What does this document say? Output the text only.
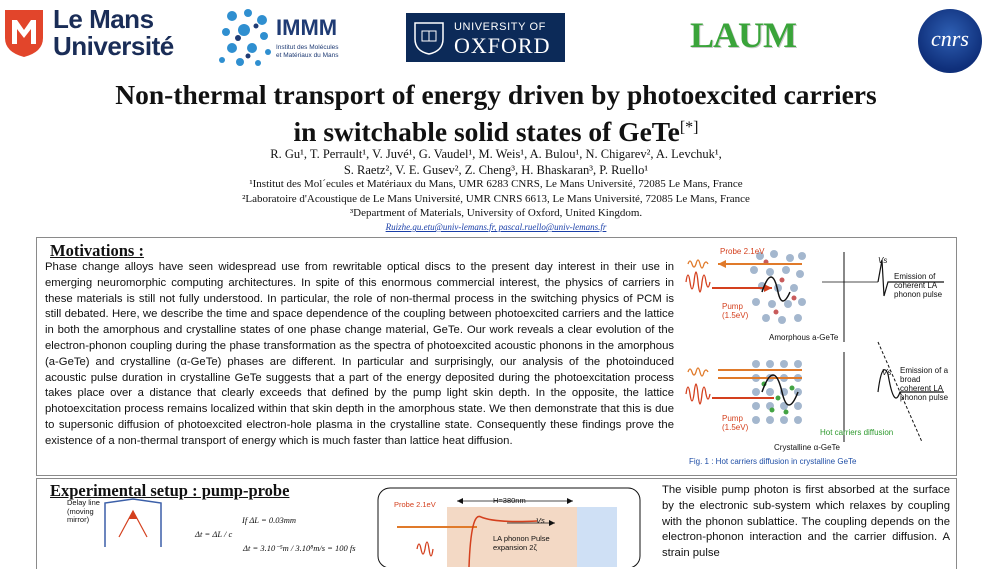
Le Mans
Université
IMMM
Institut des Molécules
et Matériaux du Mans
UNIVERSITY OF
OXFORD	LAUM	cnrs
Non-thermal transport of energy driven by photoexcited carriers
in switchable solid states of GeTe[*]
R. Gu¹, T. Perrault¹, V. Juvé¹, G. Vaudel¹, M. Weis¹, A. Bulou¹, N. Chigarev², A. Levchuk¹,
S. Raetz², V. E. Gusev², Z. Cheng³, H. Bhaskaran³, P. Ruello¹
¹Institut des Mol´ecules et Matériaux du Mans, UMR 6283 CNRS, Le Mans Université, 72085 Le Mans, France
²Laboratoire d'Acoustique de Le Mans Université, UMR CNRS 6613, Le Mans Université, 72085 Le Mans, France
³Department of Materials, University of Oxford, United Kingdom.
Ruizhe.gu.etu@univ-lemans.fr, pascal.ruello@univ-lemans.fr
Motivations :
Phase change alloys have seen widespread use from rewritable optical discs to the present day interest in their use in emerging neuromorphic computing architectures. In spite of this enormous commercial interest, the physics of carriers in these materials is still not fully understood. In particular, the role of non-thermal process in the switching physics of PCM is still debated. Here, we describe the time and space dependence of the coupling between photoexcited carriers and the lattice in both the amorphous and crystalline states of one phase change material, GeTe. Our work reveals a clear evolution of the electron-phonon coupling during the phase transformation as the spectra of photoexcited acoustic phonons in the amorphous (a-GeTe) and crystalline (α-GeTe) phases are different. In particular and surprisingly, our analysis of the photoinduced acoustic pulse duration in crystalline GeTe suggests that a part of the energy deposited during the photoexcitation process takes place over a distance that clearly exceeds that defined by the pump light skin depth. In the opposite, the lattice photoexcitation process remains localized within that skin depth in the amorphous state. We then demonstrate that this is due to supersonic diffusion of photoexcited electron-hole plasma in the crystalline state. Consequently these findings prove the existence of a non-thermal transport of energy which is much faster than lattice heat diffusion.
Probe 2.1eV
Pump
(1.5eV)
Amorphous a-GeTe
Vs
Emission of coherent LA phonon pulse
Pump
(1.5eV)
Hot carriers diffusion
Crystalline α-GeTe
Vs Emission of a broad coherent LA phonon pulse
Fig. 1 : Hot carriers diffusion in crystalline GeTe
Experimental setup : pump-probe
Delay line (moving mirror)	If ΔL = 0.03mm
Δt = ΔL / c
Δt = 3.10⁻⁵m / 3.10⁸m/s = 100 fs
Probe 2.1eV	H=380nm
Vs
LA phonon Pulse expansion 2ζ
The visible pump photon is first absorbed at the surface by the electronic sub-system which relaxes by coupling with the phonon sublattice. The coupling depends on the electron-phonon interaction and the carrier diffusion. A strain pulse
